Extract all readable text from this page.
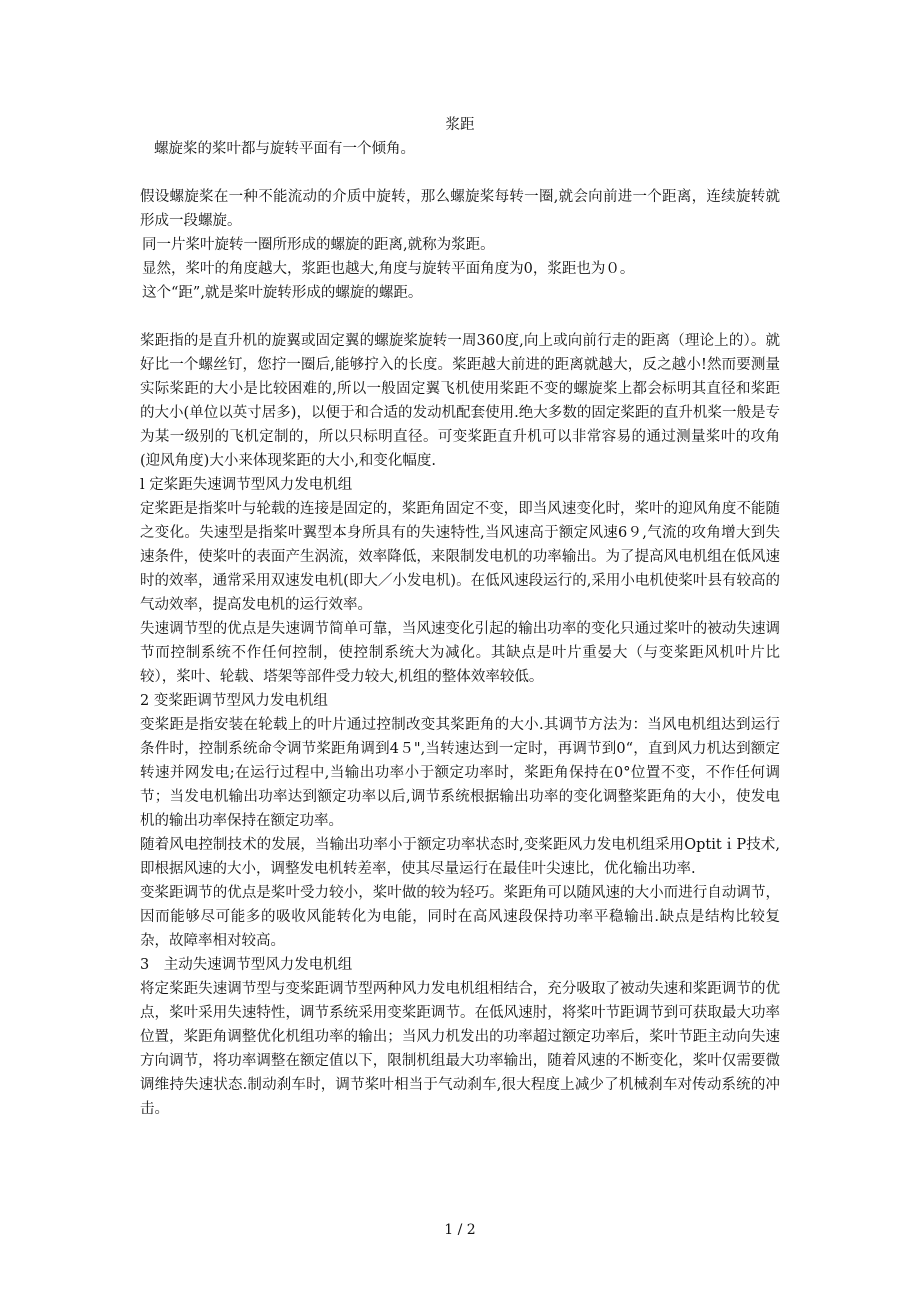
浆距

螺旋桨的桨叶都与旋转平面有一个倾角。

假设螺旋桨在一种不能流动的介质中旋转，那么螺旋桨每转一圈,就会向前进一个距离，连续旋转就形成一段螺旋。

同一片桨叶旋转一圈所形成的螺旋的距离,就称为浆距。

显然，桨叶的角度越大，浆距也越大,角度与旋转平面角度为0，浆距也为０。

这个“距”,就是桨叶旋转形成的螺旋的螺距。

桨距指的是直升机的旋翼或固定翼的螺旋桨旋转一周360度,向上或向前行走的距离（理论上的）。就好比一个螺丝钉，您拧一圈后,能够拧入的长度。桨距越大前进的距离就越大，反之越小!然而要测量实际桨距的大小是比较困难的,所以一般固定翼飞机使用桨距不变的螺旋桨上都会标明其直径和桨距的大小(单位以英寸居多)，以便于和合适的发动机配套使用.绝大多数的固定桨距的直升机桨一般是专为某一级别的飞机定制的，所以只标明直径。可变桨距直升机可以非常容易的通过测量桨叶的攻角(迎风角度)大小来体现桨距的大小,和变化幅度.

l 定桨距失速调节型风力发电机组

定桨距是指桨叶与轮载的连接是固定的，桨距角固定不变，即当风速变化时，桨叶的迎风角度不能随之变化。失速型是指桨叶翼型本身所具有的失速特性,当风速高于额定风速6９,气流的攻角增大到失速条件，使桨叶的表面产生涡流，效率降低，来限制发电机的功率输出。为了提高风电机组在低风速时的效率，通常采用双速发电机(即大／小发电机)。在低风速段运行的,采用小电机使桨叶县有较高的气动效率，提高发电机的运行效率。

失速调节型的优点是失速调节简单可靠，当风速变化引起的输出功率的变化只通过桨叶的被动失速调节而控制系统不作任何控制，使控制系统大为减化。其缺点是叶片重晏大（与变桨距风机叶片比较），桨叶、轮载、塔架等部件受力较大,机组的整体效率较低。

2 变桨距调节型风力发电机组

变桨距是指安装在轮载上的叶片通过控制改变其桨距角的大小.其调节方法为：当风电机组达到运行条件时，控制系统命令调节桨距角调到4５",当转速达到一定时，再调节到0“，直到风力机达到额定转速并网发电;在运行过程中,当输出功率小于额定功率时，桨距角保持在0°位置不变，不作任何调节；当发电机输出功率达到额定功率以后,调节系统根据输出功率的变化调整桨距角的大小，使发电机的输出功率保持在额定功率。

随着风电控制技术的发展，当输出功率小于额定功率状态时,变桨距风力发电机组采用OptitｉP技术,即根据风速的大小，调整发电机转差率，使其尽量运行在最佳叶尖速比，优化输出功率.

变桨距调节的优点是桨叶受力较小，桨叶做的较为轻巧。桨距角可以随风速的大小而进行自动调节，因而能够尽可能多的吸收风能转化为电能，同时在高风速段保持功率平稳输出.缺点是结构比较复杂，故障率相对较高。

3　主动失速调节型风力发电机组

将定桨距失速调节型与变桨距调节型两种风力发电机组相结合，充分吸取了被动失速和桨距调节的优点，桨叶采用失速特性，调节系统采用变桨距调节。在低风速肘，将桨叶节距调节到可获取最大功率位置，桨距角调整优化机组功率的输出；当风力机发出的功率超过额定功率后，桨叶节距主动向失速方向调节，将功率调整在额定值以下，限制机组最大功率输出，随着风速的不断变化，桨叶仅需要微调维持失速状态.制动刹车时，调节桨叶相当于气动刹车,很大程度上减少了机械刹车对传动系统的冲击。

1 / 2
